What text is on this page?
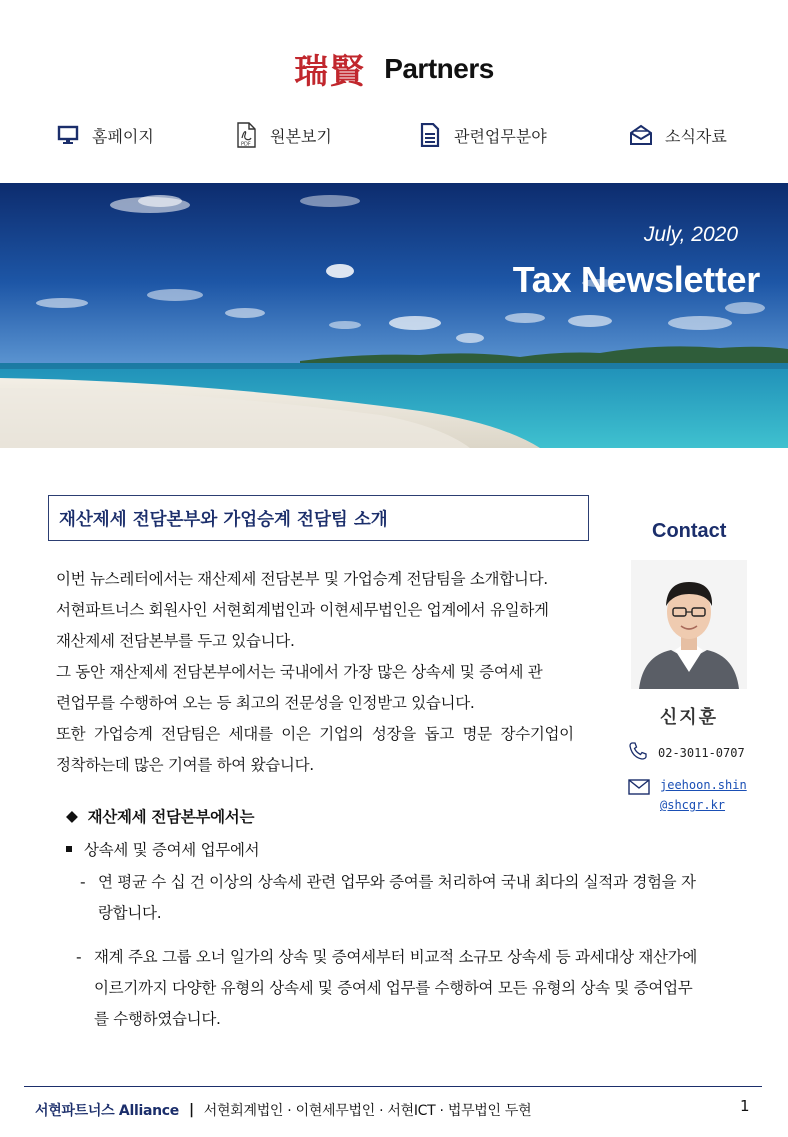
瑞賢 Partners
홈페이지	PDF 원본보기	관련업무분야	소식자료
July, 2020
Tax Newsletter
재산제세 전담본부와 가업승계 전담팀 소개

이번 뉴스레터에서는 재산제세 전담본부 및 가업승계 전담팀을 소개합니다.

서현파트너스 회원사인 서현회계법인과 이현세무법인은 업계에서 유일하게

재산제세 전담본부를 두고 있습니다.

그 동안 재산제세 전담본부에서는 국내에서 가장 많은 상속세 및 증여세 관

련업무를 수행하여 오는 등 최고의 전문성을 인정받고 있습니다.

또한 가업승계 전담팀은 세대를 이은 기업의 성장을 돕고 명문 장수기업이

정착하는데 많은 기여를 하여 왔습니다.

◆ 재산제세 전담본부에서는
상속세 및 증여세 업무에서
- 연 평균 수 십 건 이상의 상속세 관련 업무와 증여를 처리하여 국내 최다의 실적과 경험을 자
랑합니다.
- 재계 주요 그룹 오너 일가의 상속 및 증여세부터 비교적 소규모 상속세 등 과세대상 재산가에
이르기까지 다양한 유형의 상속세 및 증여세 업무를 수행하여 모든 유형의 상속 및 증여업무
를 수행하였습니다.
Contact
신지훈
02-3011-0707
jeehoon.shin
@shcgr.kr
서현파트너스 Alliance | 서현회계법인 · 이현세무법인 · 서현ICT · 법무법인 두현	1
